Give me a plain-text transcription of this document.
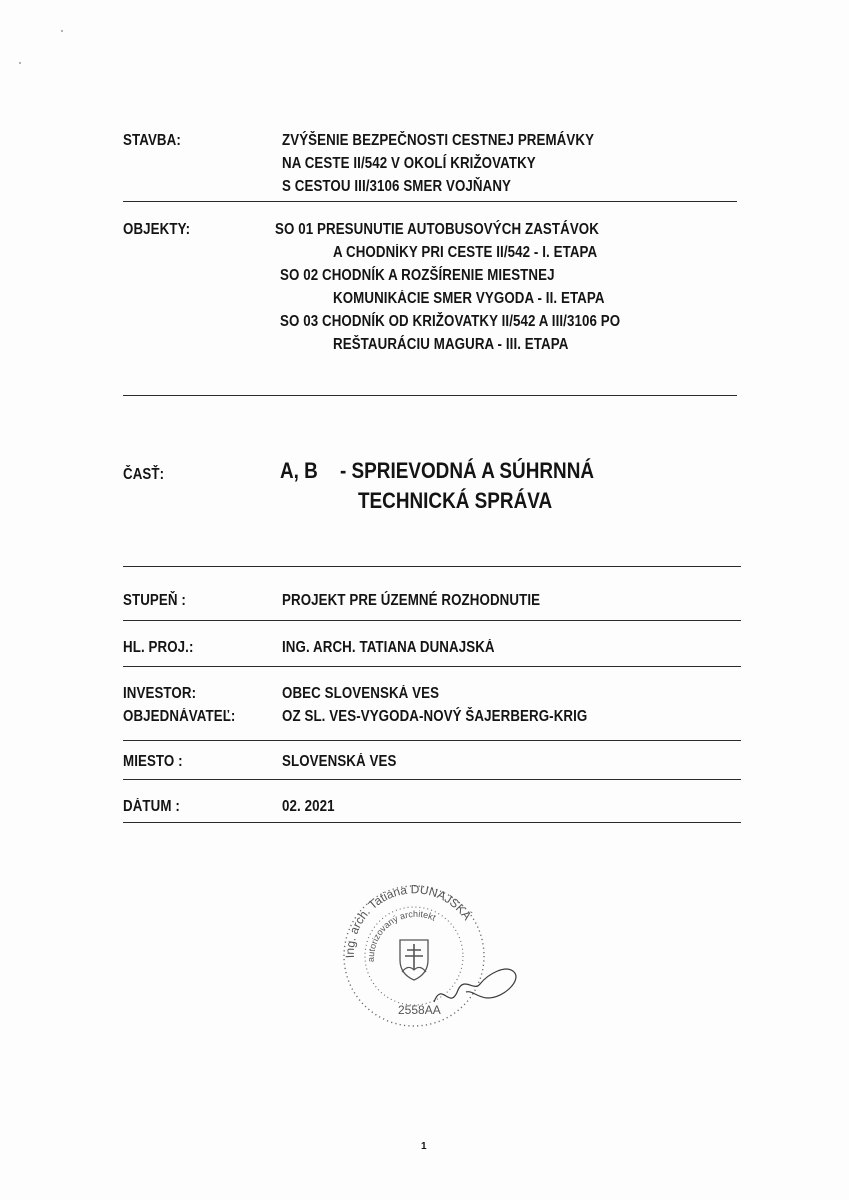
STAVBA:	ZVÝŠENIE BEZPEČNOSTI CESTNEJ PREMÁVKY
NA CESTE II/542 V OKOLÍ KRIŽOVATKY
S CESTOU III/3106 SMER VOJŇANY
OBJEKTY:	SO 01 PRESUNUTIE AUTOBUSOVÝCH ZASTÁVOK
A CHODNÍKY PRI CESTE II/542 - I. ETAPA
SO 02 CHODNÍK A ROZŠÍRENIE MIESTNEJ
KOMUNIKÁCIE SMER VYGODA - II. ETAPA
SO 03 CHODNÍK OD KRIŽOVATKY II/542 A III/3106 PO
REŠTAURÁCIU MAGURA - III. ETAPA
ČASŤ:	A, B - SPRIEVODNÁ A SÚHRNNÁ
TECHNICKÁ SPRÁVA
STUPEŇ :	PROJEKT PRE ÚZEMNÉ ROZHODNUTIE
HL. PROJ.:	ING. ARCH. TATIANA DUNAJSKÁ
INVESTOR:	OBEC SLOVENSKÁ VES
OBJEDNÁVATEĽ:	OZ SL. VES-VYGODA-NOVÝ ŠAJERBERG-KRIG
MIESTO :	SLOVENSKÁ VES
DÁTUM :	02. 2021
Ing. arch. Tatiana DUNAJSKÁ
autorizovaný architekt
2558AA
1
